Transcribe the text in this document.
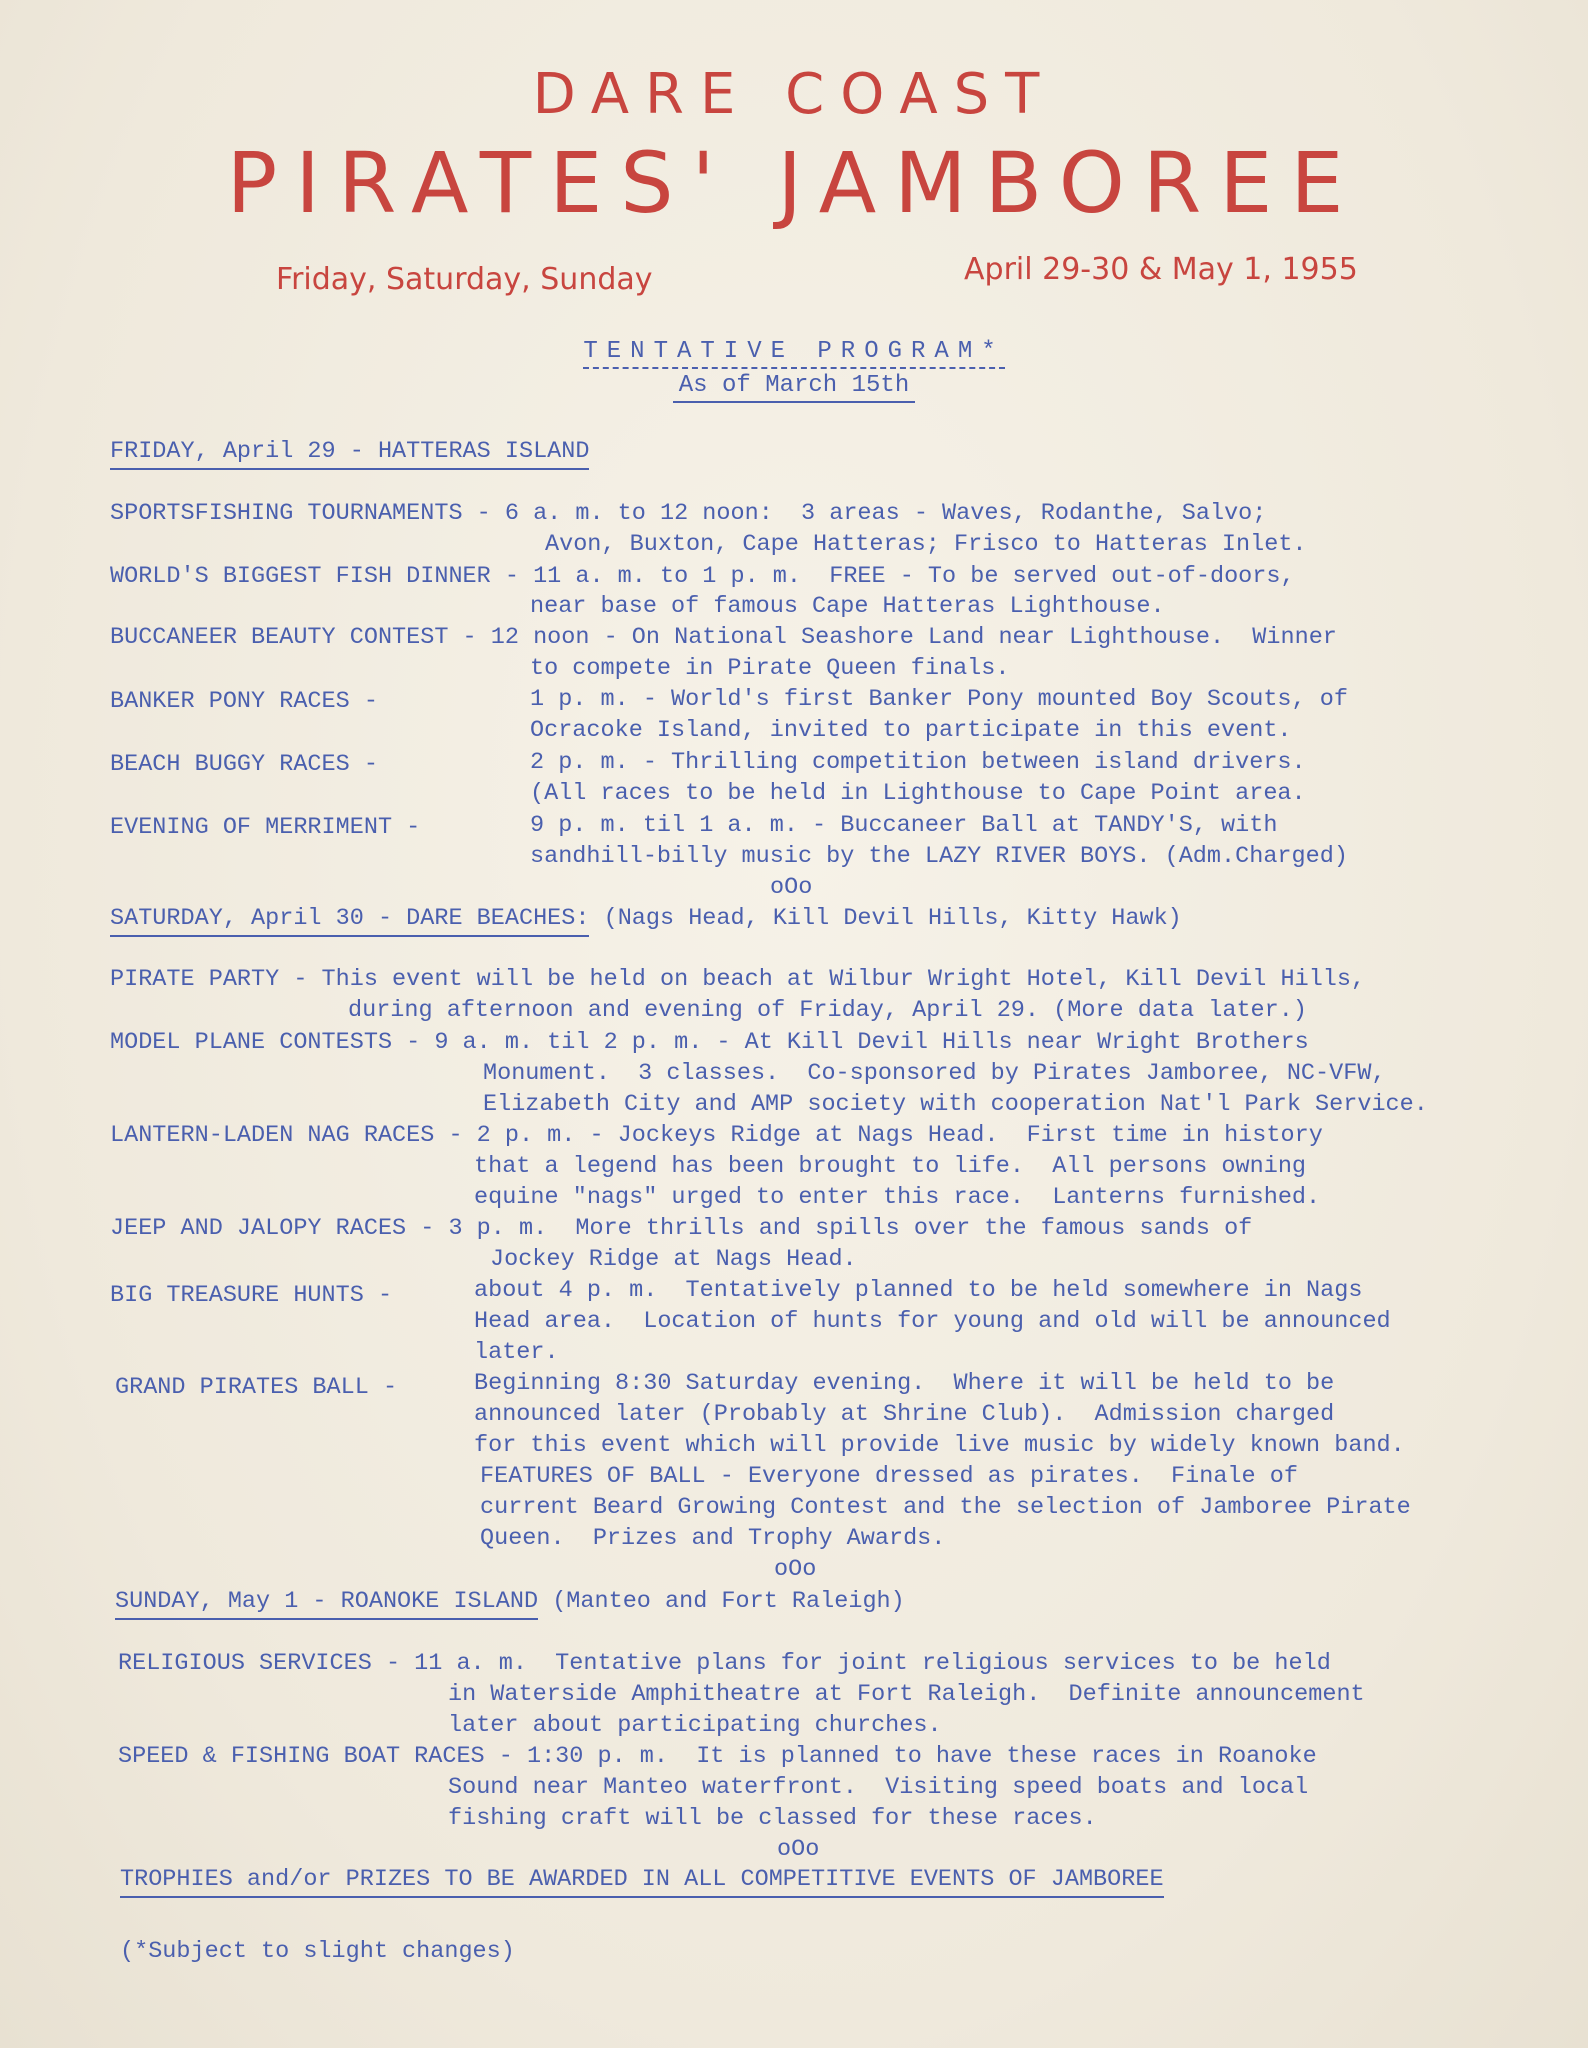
DARE COAST
PIRATES' JAMBOREE
Friday, Saturday, Sunday	April 29-30 & May 1, 1955
TENTATIVE PROGRAM*
As of March 15th
FRIDAY, April 29 - HATTERAS ISLAND
SPORTSFISHING TOURNAMENTS - 6 a. m. to 12 noon:  3 areas - Waves, Rodanthe, Salvo;
Avon, Buxton, Cape Hatteras; Frisco to Hatteras Inlet.
WORLD'S BIGGEST FISH DINNER - 11 a. m. to 1 p. m.  FREE - To be served out-of-doors,
near base of famous Cape Hatteras Lighthouse.
BUCCANEER BEAUTY CONTEST - 12 noon - On National Seashore Land near Lighthouse.  Winner
to compete in Pirate Queen finals.
BANKER PONY RACES -	1 p. m. - World's first Banker Pony mounted Boy Scouts, of
Ocracoke Island, invited to participate in this event.
BEACH BUGGY RACES -	2 p. m. - Thrilling competition between island drivers.
(All races to be held in Lighthouse to Cape Point area.
EVENING OF MERRIMENT -	9 p. m. til 1 a. m. - Buccaneer Ball at TANDY'S, with
sandhill-billy music by the LAZY RIVER BOYS. (Adm.Charged)
oOo
SATURDAY, April 30 - DARE BEACHES: (Nags Head, Kill Devil Hills, Kitty Hawk)
PIRATE PARTY - This event will be held on beach at Wilbur Wright Hotel, Kill Devil Hills,
during afternoon and evening of Friday, April 29. (More data later.)
MODEL PLANE CONTESTS - 9 a. m. til 2 p. m. - At Kill Devil Hills near Wright Brothers
Monument.  3 classes.  Co-sponsored by Pirates Jamboree, NC-VFW,
Elizabeth City and AMP society with cooperation Nat'l Park Service.
LANTERN-LADEN NAG RACES - 2 p. m. - Jockeys Ridge at Nags Head.  First time in history
that a legend has been brought to life.  All persons owning
equine "nags" urged to enter this race.  Lanterns furnished.
JEEP AND JALOPY RACES - 3 p. m.  More thrills and spills over the famous sands of
Jockey Ridge at Nags Head.
BIG TREASURE HUNTS -	about 4 p. m.  Tentatively planned to be held somewhere in Nags
Head area.  Location of hunts for young and old will be announced
later.
GRAND PIRATES BALL -	Beginning 8:30 Saturday evening.  Where it will be held to be
announced later (Probably at Shrine Club).  Admission charged
for this event which will provide live music by widely known band.
FEATURES OF BALL - Everyone dressed as pirates.  Finale of
current Beard Growing Contest and the selection of Jamboree Pirate
Queen.  Prizes and Trophy Awards.
oOo
SUNDAY, May 1 - ROANOKE ISLAND (Manteo and Fort Raleigh)
RELIGIOUS SERVICES - 11 a. m.  Tentative plans for joint religious services to be held
in Waterside Amphitheatre at Fort Raleigh.  Definite announcement
later about participating churches.
SPEED & FISHING BOAT RACES - 1:30 p. m.  It is planned to have these races in Roanoke
Sound near Manteo waterfront.  Visiting speed boats and local
fishing craft will be classed for these races.
oOo
TROPHIES and/or PRIZES TO BE AWARDED IN ALL COMPETITIVE EVENTS OF JAMBOREE
(*Subject to slight changes)
